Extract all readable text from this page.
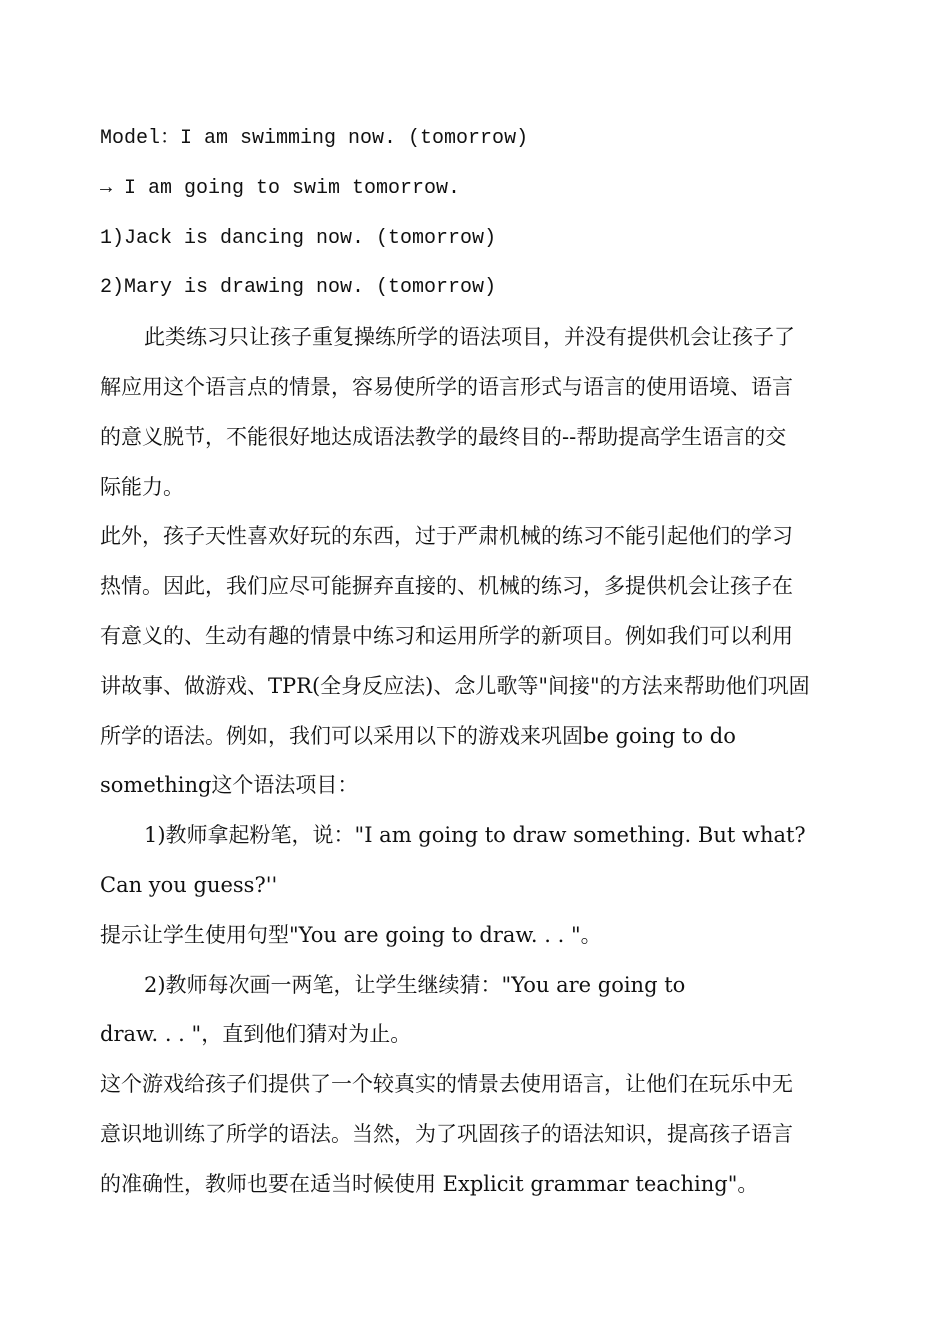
Model：I am swimming now. (tomorrow)
→ I am going to swim tomorrow.
1)Jack is dancing now. (tomorrow)
2)Mary is drawing now. (tomorrow)
此类练习只让孩子重复操练所学的语法项目，并没有提供机会让孩子了
解应用这个语言点的情景，容易使所学的语言形式与语言的使用语境、语言
的意义脱节，不能很好地达成语法教学的最终目的--帮助提高学生语言的交
际能力。
此外，孩子天性喜欢好玩的东西，过于严肃机械的练习不能引起他们的学习
热情。因此，我们应尽可能摒弃直接的、机械的练习，多提供机会让孩子在
有意义的、生动有趣的情景中练习和运用所学的新项目。例如我们可以利用
讲故事、做游戏、TPR(全身反应法)、念儿歌等"间接"的方法来帮助他们巩固
所学的语法。例如，我们可以采用以下的游戏来巩固be going to do
something这个语法项目：
1)教师拿起粉笔，说："I am going to draw something. But what?
Can you guess?''
提示让学生使用句型"You are going to draw. . . "。
2)教师每次画一两笔，让学生继续猜："You are going to
draw. . . "，直到他们猜对为止。
这个游戏给孩子们提供了一个较真实的情景去使用语言，让他们在玩乐中无
意识地训练了所学的语法。当然，为了巩固孩子的语法知识，提高孩子语言
的准确性，教师也要在适当时候使用 Explicit grammar teaching"。
